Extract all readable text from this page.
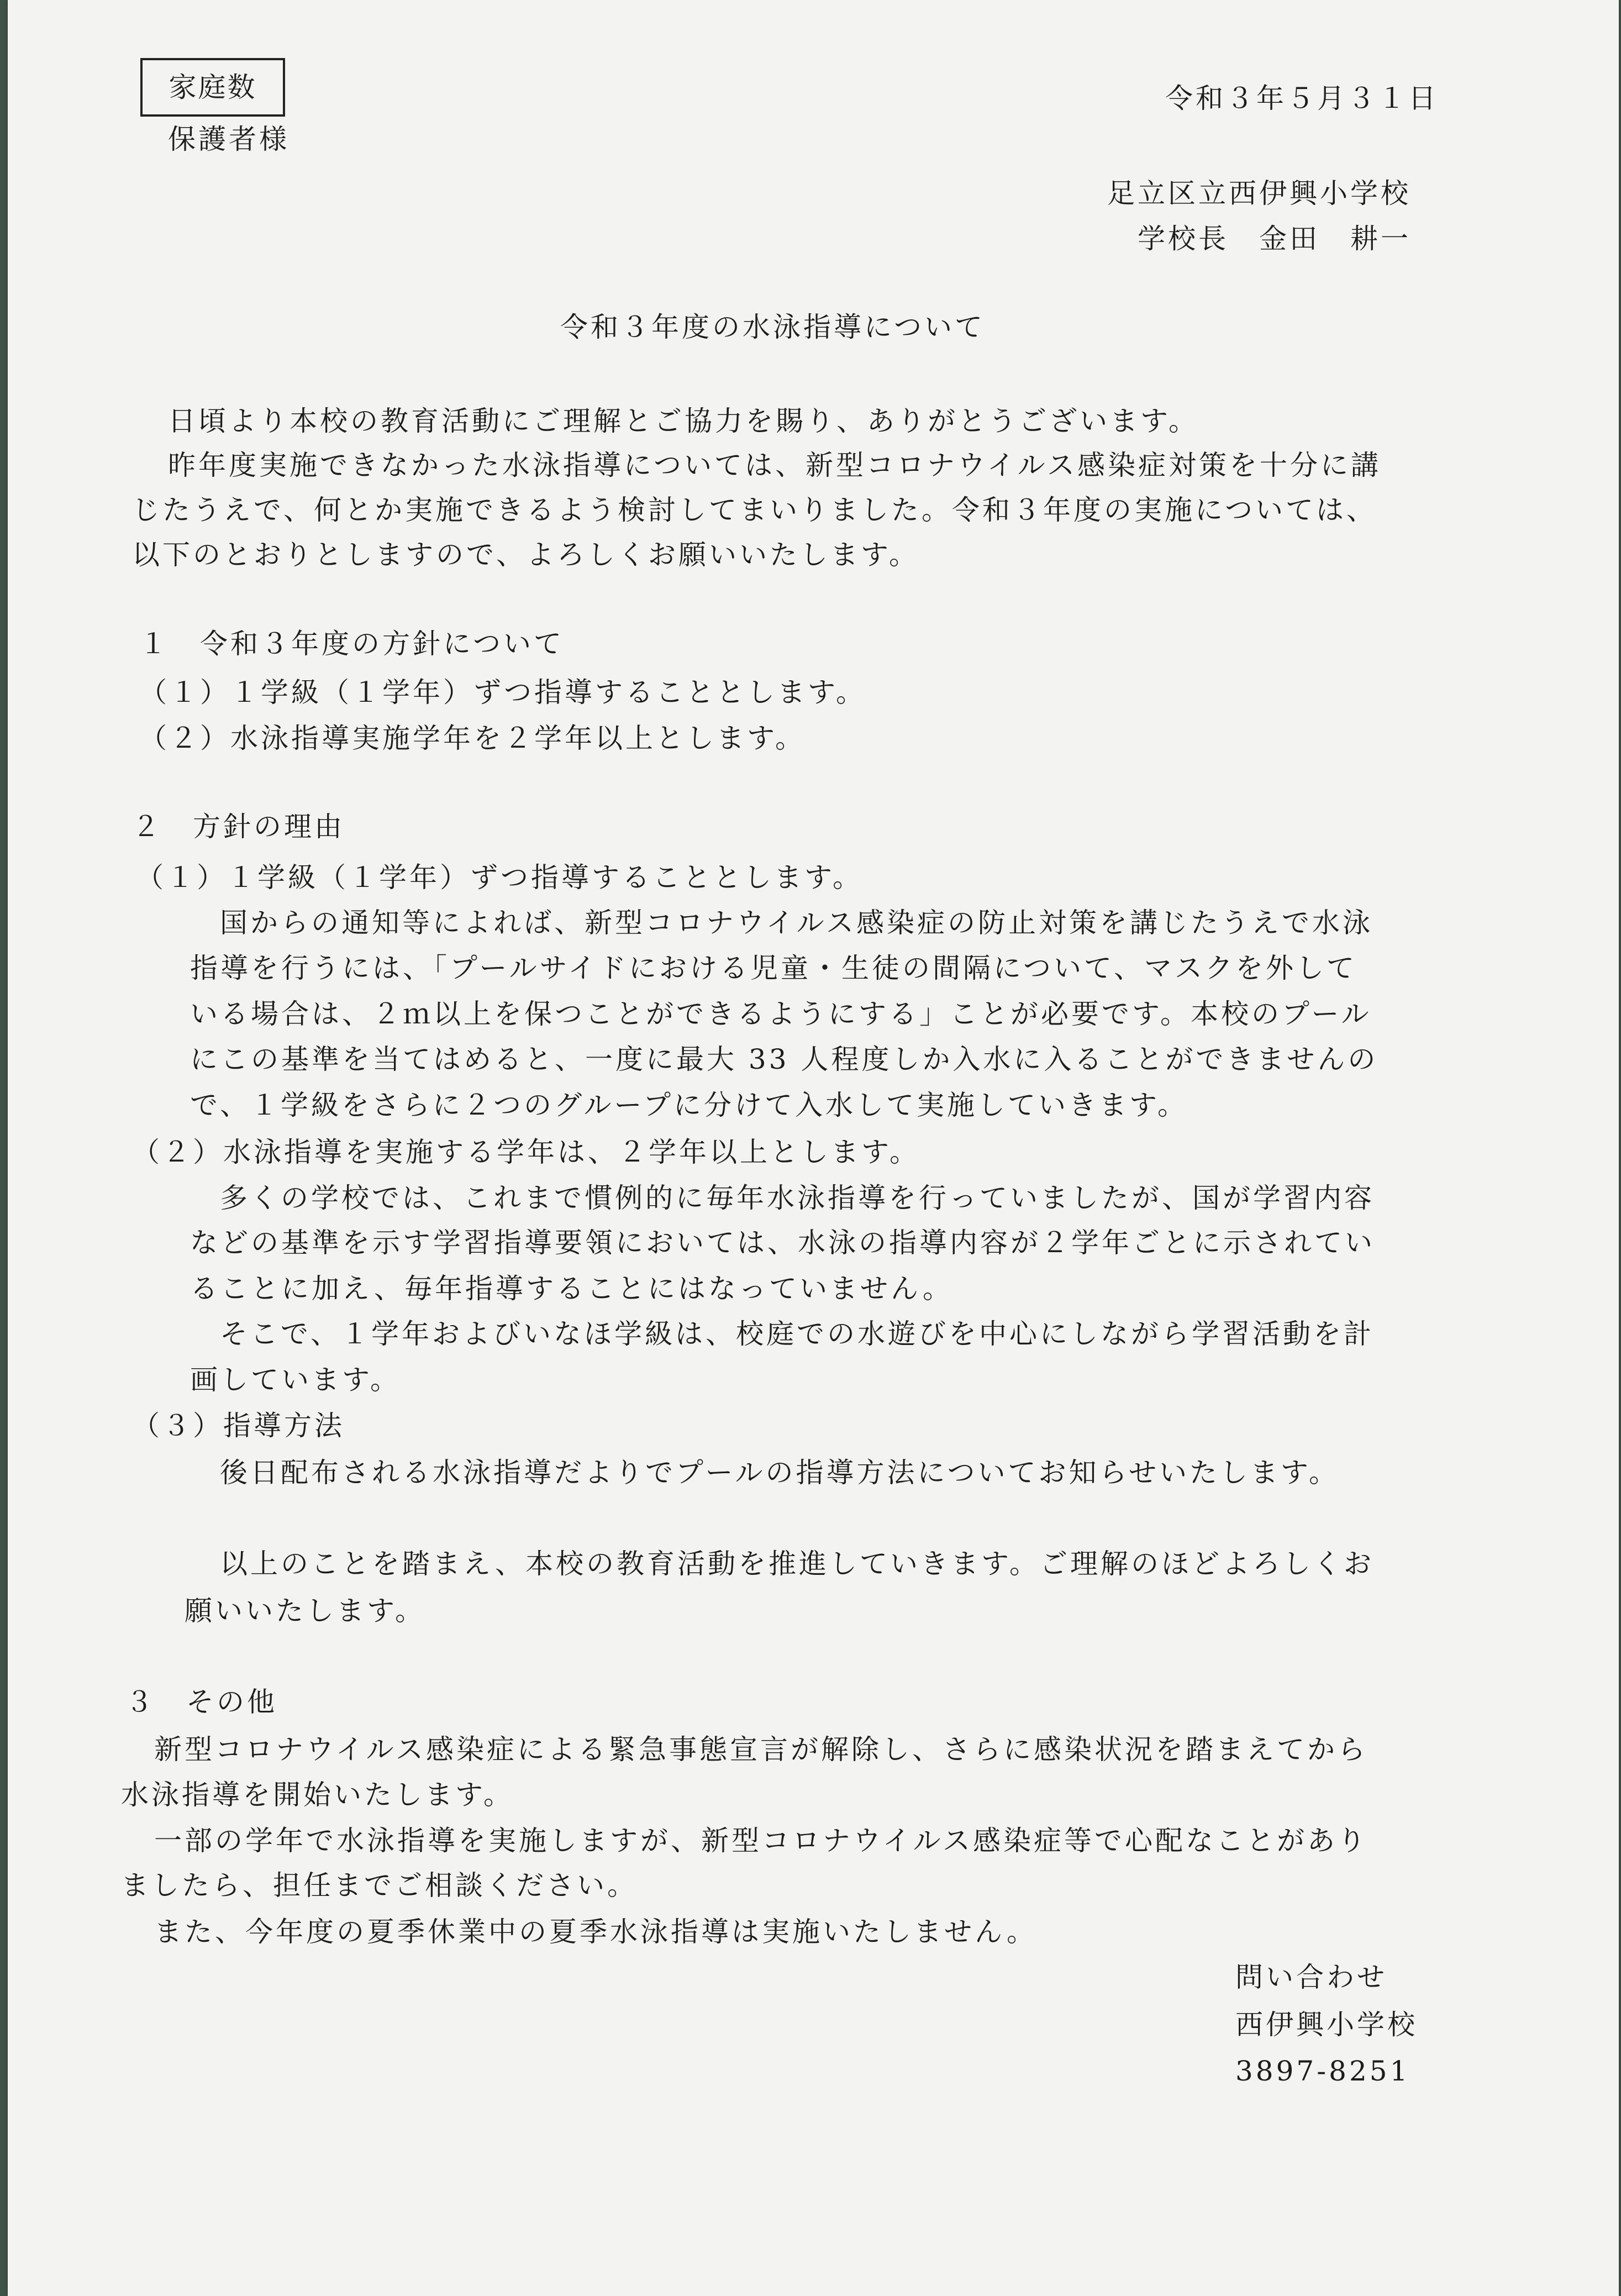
家庭数
保護者様
令和３年５月３１日
足立区立西伊興小学校
学校長　金田　耕一
令和３年度の水泳指導について
日頃より本校の教育活動にご理解とご協力を賜り、ありがとうございます。
昨年度実施できなかった水泳指導については、新型コロナウイルス感染症対策を十分に講
じたうえで、何とか実施できるよう検討してまいりました。令和３年度の実施については、
以下のとおりとしますので、よろしくお願いいたします。
１　令和３年度の方針について
（１）１学級（１学年）ずつ指導することとします。
（２）水泳指導実施学年を２学年以上とします。
２　方針の理由
（１）１学級（１学年）ずつ指導することとします。
国からの通知等によれば、新型コロナウイルス感染症の防止対策を講じたうえで水泳
指導を行うには、「プールサイドにおける児童・生徒の間隔について、マスクを外して
いる場合は、２ｍ以上を保つことができるようにする」ことが必要です。本校のプール
にこの基準を当てはめると、一度に最大 33 人程度しか入水に入ることができませんの
で、１学級をさらに２つのグループに分けて入水して実施していきます。
（２）水泳指導を実施する学年は、２学年以上とします。
多くの学校では、これまで慣例的に毎年水泳指導を行っていましたが、国が学習内容
などの基準を示す学習指導要領においては、水泳の指導内容が２学年ごとに示されてい
ることに加え、毎年指導することにはなっていません。
そこで、１学年およびいなほ学級は、校庭での水遊びを中心にしながら学習活動を計
画しています。
（３）指導方法
後日配布される水泳指導だよりでプールの指導方法についてお知らせいたします。
以上のことを踏まえ、本校の教育活動を推進していきます。ご理解のほどよろしくお
願いいたします。
３　その他
新型コロナウイルス感染症による緊急事態宣言が解除し、さらに感染状況を踏まえてから
水泳指導を開始いたします。
一部の学年で水泳指導を実施しますが、新型コロナウイルス感染症等で心配なことがあり
ましたら、担任までご相談ください。
また、今年度の夏季休業中の夏季水泳指導は実施いたしません。
問い合わせ
西伊興小学校
3897-8251
